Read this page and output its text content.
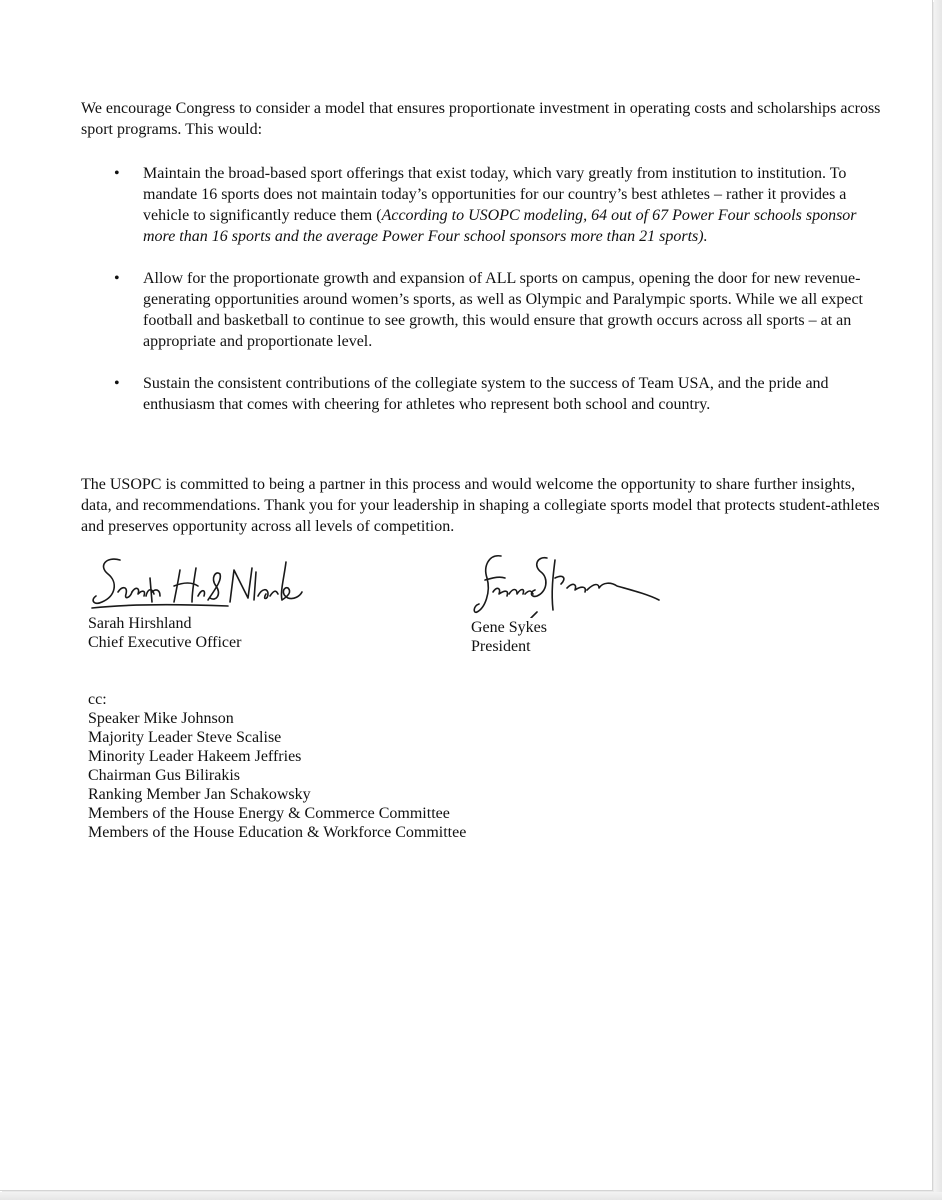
We encourage Congress to consider a model that ensures proportionate investment in operating costs and scholarships across sport programs. This would:

• Maintain the broad-based sport offerings that exist today, which vary greatly from institution to institution. To mandate 16 sports does not maintain today’s opportunities for our country’s best athletes – rather it provides a vehicle to significantly reduce them (According to USOPC modeling, 64 out of 67 Power Four schools sponsor more than 16 sports and the average Power Four school sponsors more than 21 sports).
• Allow for the proportionate growth and expansion of ALL sports on campus, opening the door for new revenue-generating opportunities around women’s sports, as well as Olympic and Paralympic sports. While we all expect football and basketball to continue to see growth, this would ensure that growth occurs across all sports – at an appropriate and proportionate level.
• Sustain the consistent contributions of the collegiate system to the success of Team USA, and the pride and enthusiasm that comes with cheering for athletes who represent both school and country.

The USOPC is committed to being a partner in this process and would welcome the opportunity to share further insights, data, and recommendations. Thank you for your leadership in shaping a collegiate sports model that protects student-athletes and preserves opportunity across all levels of competition.

Sarah Hirshland

Chief Executive Officer

Gene Sykes

President

cc:

Speaker Mike Johnson

Majority Leader Steve Scalise

Minority Leader Hakeem Jeffries

Chairman Gus Bilirakis

Ranking Member Jan Schakowsky

Members of the House Energy & Commerce Committee

Members of the House Education & Workforce Committee
